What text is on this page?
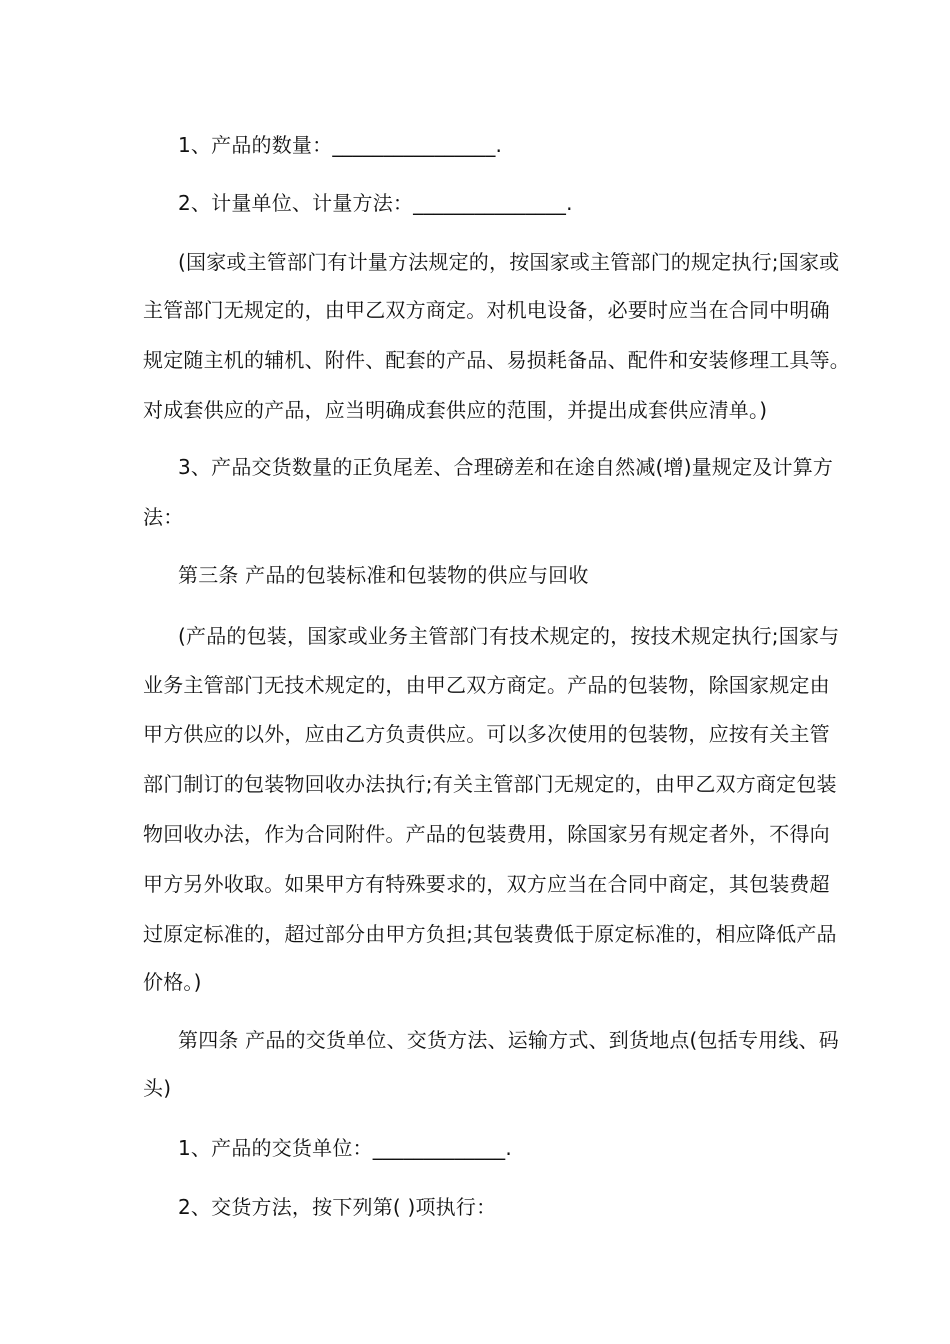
1、产品的数量：________________.
2、计量单位、计量方法：_______________.
(国家或主管部门有计量方法规定的，按国家或主管部门的规定执行;国家或
主管部门无规定的，由甲乙双方商定。对机电设备，必要时应当在合同中明确
规定随主机的辅机、附件、配套的产品、易损耗备品、配件和安装修理工具等。
对成套供应的产品，应当明确成套供应的范围，并提出成套供应清单。)
3、产品交货数量的正负尾差、合理磅差和在途自然减(增)量规定及计算方
法：
第三条 产品的包装标准和包装物的供应与回收
(产品的包装，国家或业务主管部门有技术规定的，按技术规定执行;国家与
业务主管部门无技术规定的，由甲乙双方商定。产品的包装物，除国家规定由
甲方供应的以外，应由乙方负责供应。可以多次使用的包装物，应按有关主管
部门制订的包装物回收办法执行;有关主管部门无规定的，由甲乙双方商定包装
物回收办法，作为合同附件。产品的包装费用，除国家另有规定者外，不得向
甲方另外收取。如果甲方有特殊要求的，双方应当在合同中商定，其包装费超
过原定标准的，超过部分由甲方负担;其包装费低于原定标准的，相应降低产品
价格。)
第四条 产品的交货单位、交货方法、运输方式、到货地点(包括专用线、码
头)
1、产品的交货单位：_____________.
2、交货方法，按下列第( )项执行：
